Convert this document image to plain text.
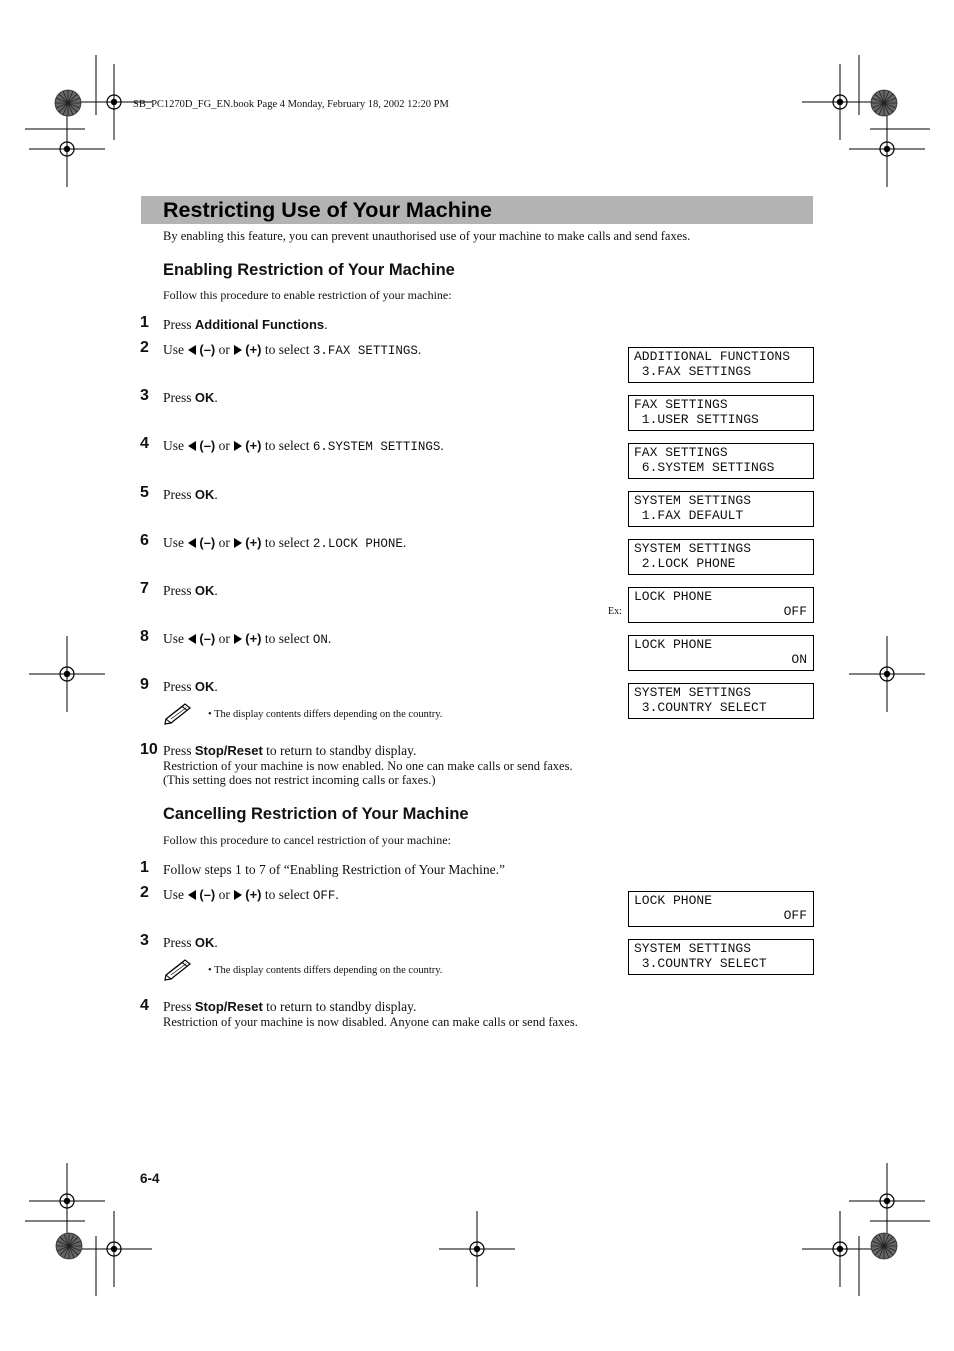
SB_PC1270D_FG_EN.book Page 4 Monday, February 18, 2002 12:20 PM
Restricting Use of Your Machine
By enabling this feature, you can prevent unauthorised use of your machine to make calls and send faxes.
Enabling Restriction of Your Machine
Follow this procedure to enable restriction of your machine:
1 Press Additional Functions.
2 Use (–) or (+) to select 3.FAX SETTINGS.
3 Press OK.
4 Use (–) or (+) to select 6.SYSTEM SETTINGS.
5 Press OK.
6 Use (–) or (+) to select 2.LOCK PHONE.
7 Press OK.
8 Use (–) or (+) to select ON.
9 Press OK.
• The display contents differs depending on the country.
10 Press Stop/Reset to return to standby display.
Restriction of your machine is now enabled. No one can make calls or send faxes.
(This setting does not restrict incoming calls or faxes.)
ADDITIONAL FUNCTIONS
3.FAX SETTINGS
FAX SETTINGS
1.USER SETTINGS
FAX SETTINGS
6.SYSTEM SETTINGS
SYSTEM SETTINGS
1.FAX DEFAULT
SYSTEM SETTINGS
2.LOCK PHONE
Ex:
LOCK PHONE
OFF
LOCK PHONE
ON
SYSTEM SETTINGS
3.COUNTRY SELECT
Cancelling Restriction of Your Machine
Follow this procedure to cancel restriction of your machine:
1 Follow steps 1 to 7 of “Enabling Restriction of Your Machine.”
2 Use (–) or (+) to select OFF.
3 Press OK.
• The display contents differs depending on the country.
4 Press Stop/Reset to return to standby display.
Restriction of your machine is now disabled. Anyone can make calls or send faxes.
LOCK PHONE
OFF
SYSTEM SETTINGS
3.COUNTRY SELECT
6-4
